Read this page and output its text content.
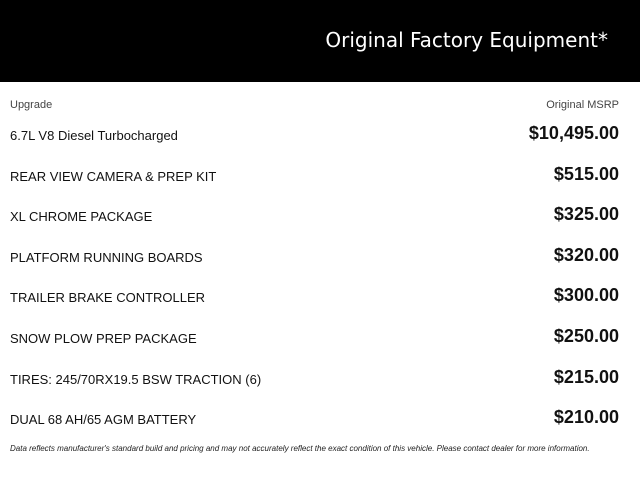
Original Factory Equipment*
Upgrade	Original MSRP
6.7L V8 Diesel Turbocharged	$10,495.00
REAR VIEW CAMERA & PREP KIT	$515.00
XL CHROME PACKAGE	$325.00
PLATFORM RUNNING BOARDS	$320.00
TRAILER BRAKE CONTROLLER	$300.00
SNOW PLOW PREP PACKAGE	$250.00
TIRES: 245/70RX19.5 BSW TRACTION (6)	$215.00
DUAL 68 AH/65 AGM BATTERY	$210.00
Data reflects manufacturer's standard build and pricing and may not accurately reflect the exact condition of this vehicle. Please contact dealer for more information.
